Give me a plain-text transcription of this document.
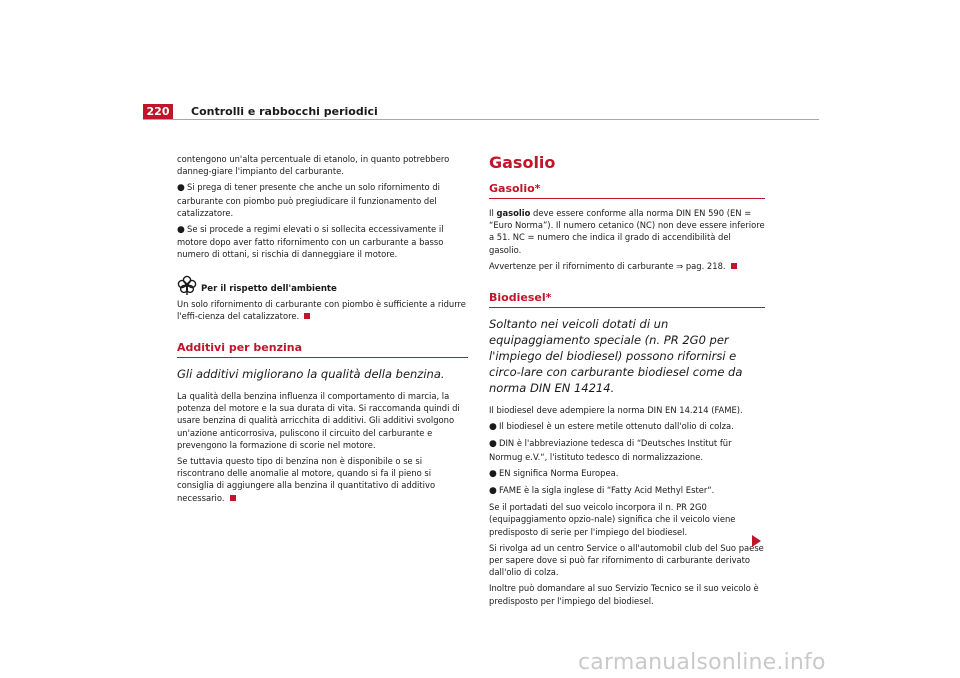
220	Controlli e rabbocchi periodici

contengono un'alta percentuale di etanolo, in quanto potrebbero danneg-giare l'impianto del carburante.

● Si prega di tener presente che anche un solo rifornimento di carburante con piombo può pregiudicare il funzionamento del catalizzatore.
● Se si procede a regimi elevati o si sollecita eccessivamente il motore dopo aver fatto rifornimento con un carburante a basso numero di ottani, si rischia di danneggiare il motore.
Per il rispetto dell'ambiente

Un solo rifornimento di carburante con piombo è sufficiente a ridurre l'effi-cienza del catalizzatore.

Additivi per benzina
Gli additivi migliorano la qualità della benzina.

La qualità della benzina influenza il comportamento di marcia, la potenza del motore e la sua durata di vita. Si raccomanda quindi di usare benzina di qualità arricchita di additivi. Gli additivi svolgono un'azione anticorrosiva, puliscono il circuito del carburante e prevengono la formazione di scorie nel motore.

Se tuttavia questo tipo di benzina non è disponibile o se si riscontrano delle anomalie al motore, quando si fa il pieno si consiglia di aggiungere alla benzina il quantitativo di additivo necessario.

Gasolio
Gasolio*

Il gasolio deve essere conforme alla norma DIN EN 590 (EN = “Euro Norma”). Il numero cetanico (NC) non deve essere inferiore a 51. NC = numero che indica il grado di accendibilità del gasolio.

Avvertenze per il rifornimento di carburante ⇒ pag. 218.

Biodiesel*
Soltanto nei veicoli dotati di un equipaggiamento speciale (n. PR 2G0 per l'impiego del biodiesel) possono rifornirsi e circo-lare con carburante biodiesel come da norma DIN EN 14214.

Il biodiesel deve adempiere la norma DIN EN 14.214 (FAME).

● Il biodiesel è un estere metile ottenuto dall'olio di colza.
● DIN è l'abbreviazione tedesca di “Deutsches Institut für Normug e.V.“, l'istituto tedesco di normalizzazione.
● EN significa Norma Europea.
● FAME è la sigla inglese di “Fatty Acid Methyl Ester“.

Se il portadati del suo veicolo incorpora il n. PR 2G0 (equipaggiamento opzio-nale) significa che il veicolo viene predisposto di serie per l'impiego del biodiesel.

Si rivolga ad un centro Service o all'automobil club del Suo paese per sapere dove si può far rifornimento di carburante derivato dall'olio di colza.

Inoltre può domandare al suo Servizio Tecnico se il suo veicolo è predisposto per l'impiego del biodiesel.

carmanualsonline.info
